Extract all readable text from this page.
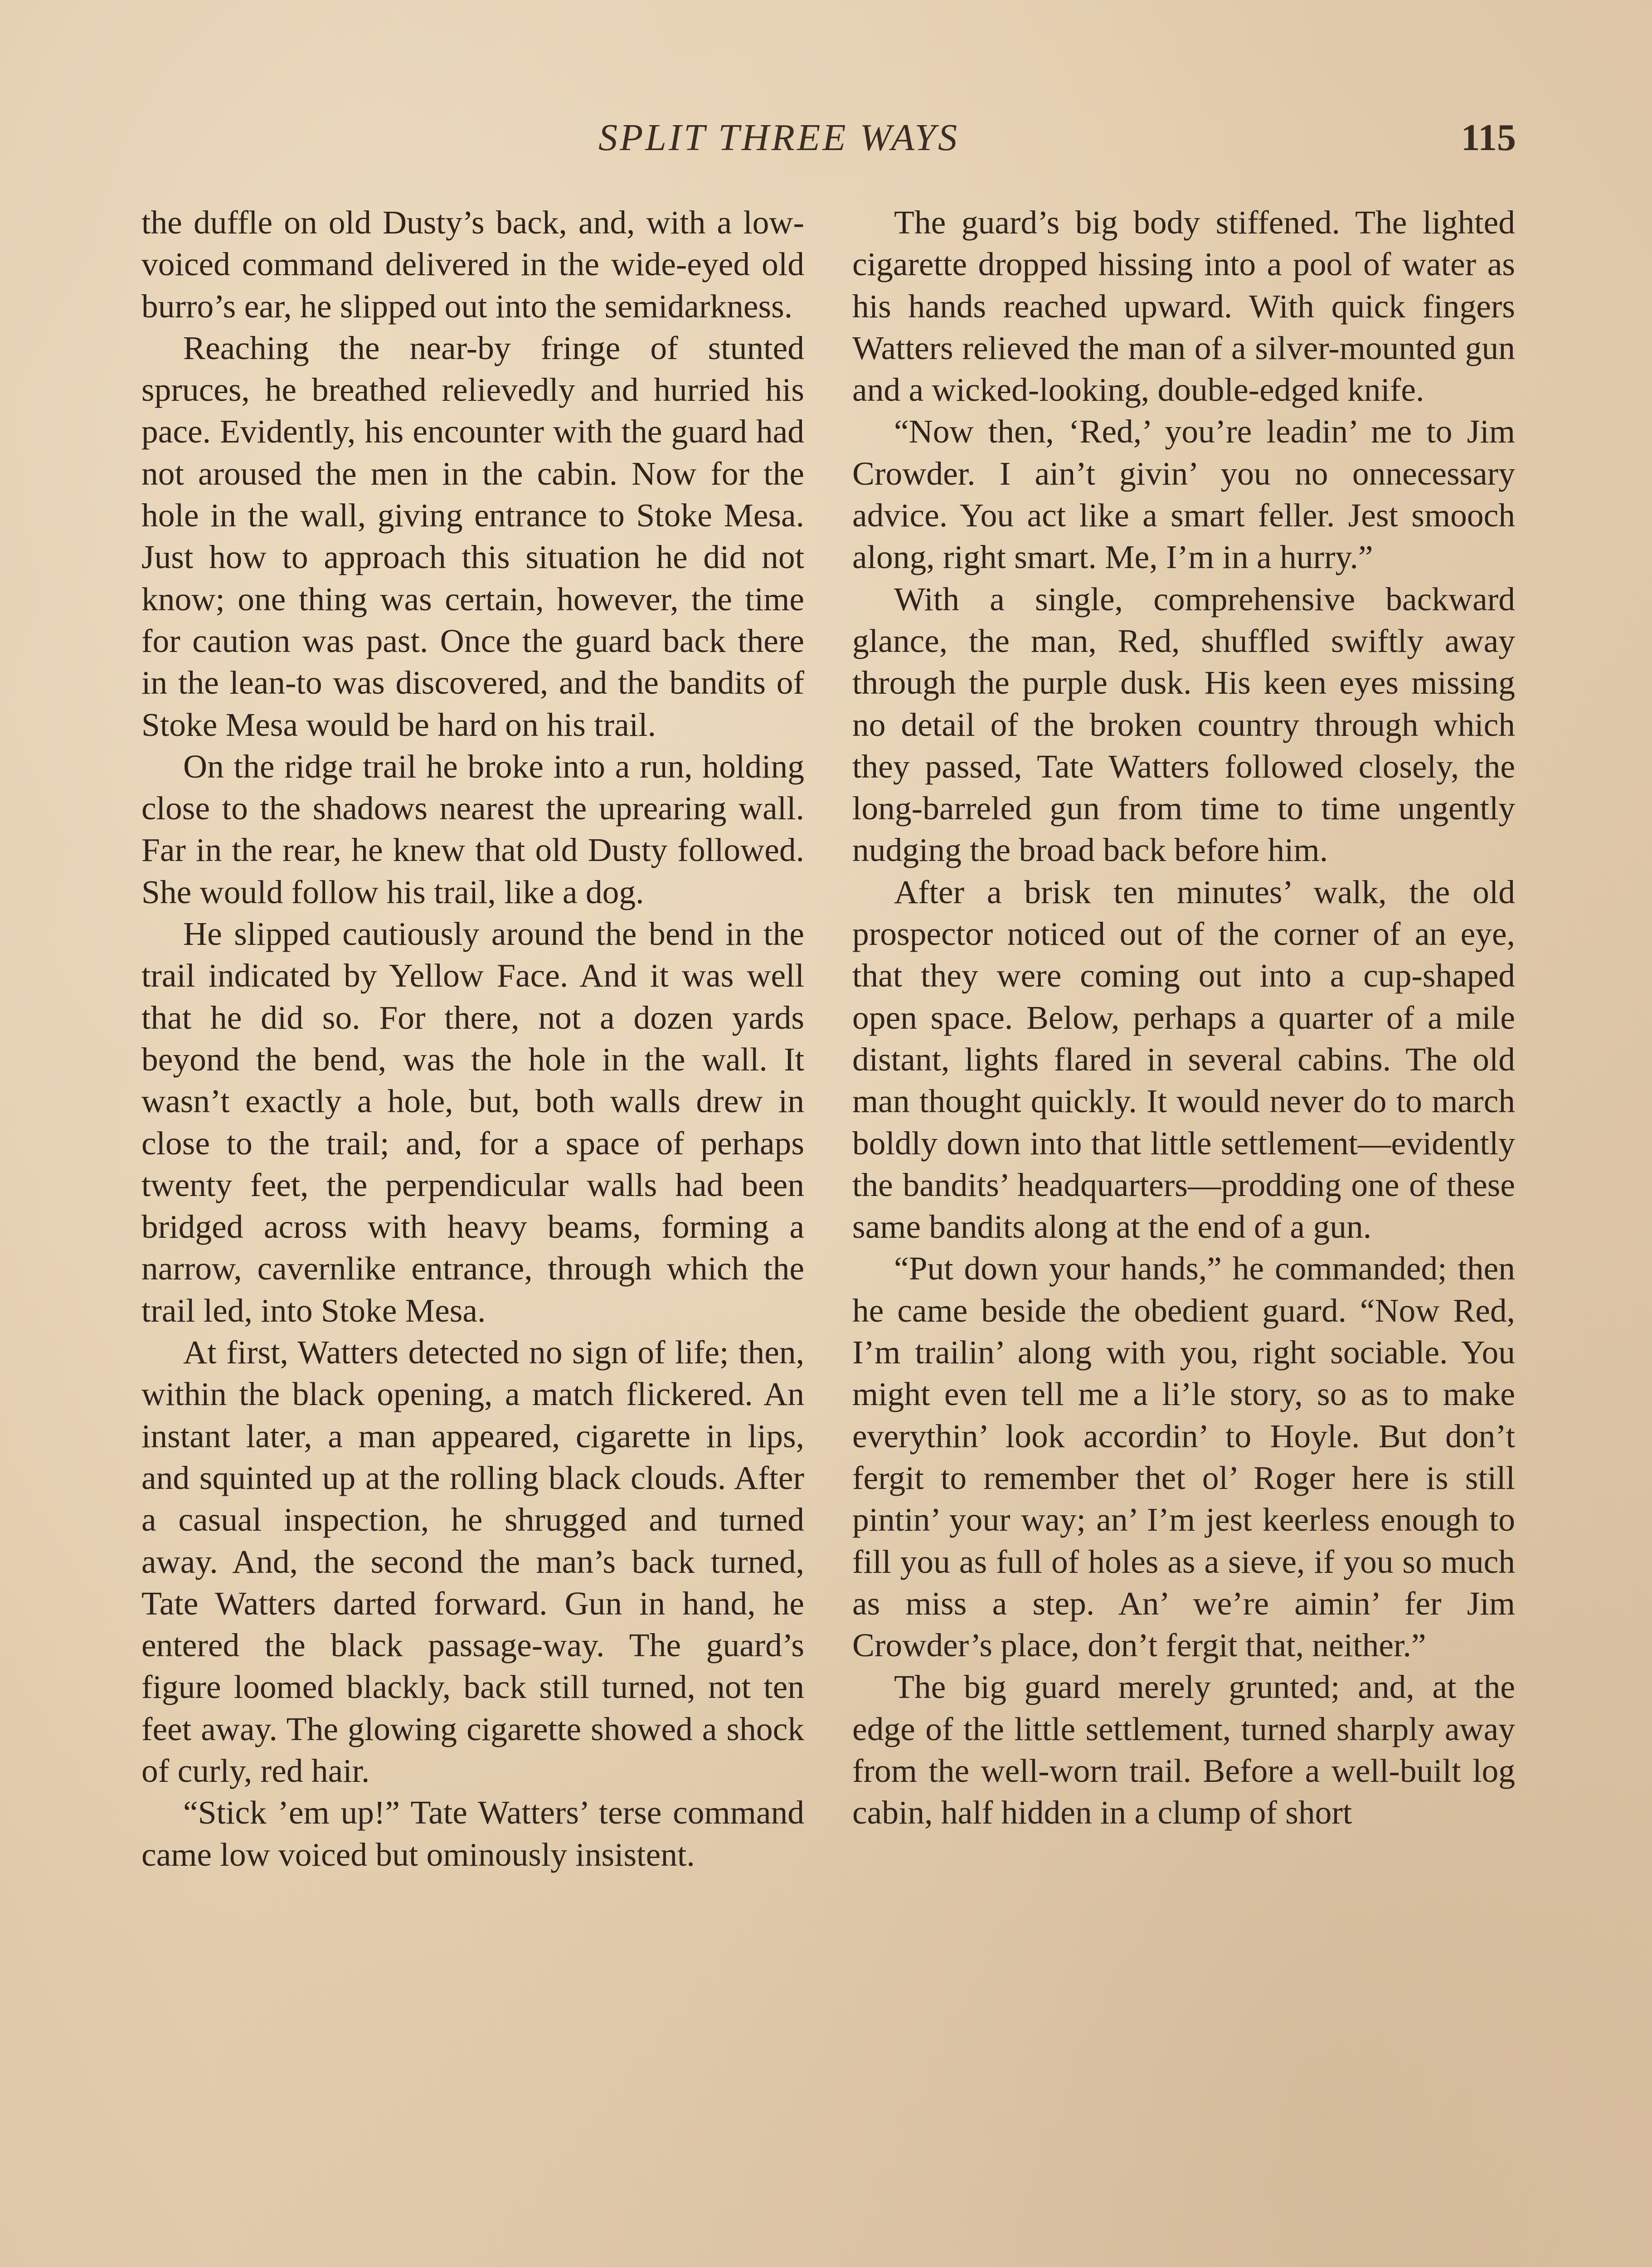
SPLIT THREE WAYS	115

the duffle on old Dusty’s back, and, with a low-voiced command delivered in the wide-eyed old burro’s ear, he slipped out into the semidarkness.

Reaching the near-by fringe of stunted spruces, he breathed relievedly and hurried his pace. Evidently, his encounter with the guard had not aroused the men in the cabin. Now for the hole in the wall, giving entrance to Stoke Mesa. Just how to approach this situation he did not know; one thing was certain, however, the time for caution was past. Once the guard back there in the lean-to was discovered, and the bandits of Stoke Mesa would be hard on his trail.

On the ridge trail he broke into a run, holding close to the shadows nearest the uprearing wall. Far in the rear, he knew that old Dusty followed. She would follow his trail, like a dog.

He slipped cautiously around the bend in the trail indicated by Yellow Face. And it was well that he did so. For there, not a dozen yards beyond the bend, was the hole in the wall. It wasn’t exactly a hole, but, both walls drew in close to the trail; and, for a space of perhaps twenty feet, the perpendicular walls had been bridged across with heavy beams, forming a narrow, cavernlike entrance, through which the trail led, into Stoke Mesa.

At first, Watters detected no sign of life; then, within the black opening, a match flickered. An instant later, a man appeared, cigarette in lips, and squinted up at the rolling black clouds. After a casual inspection, he shrugged and turned away. And, the second the man’s back turned, Tate Watters darted forward. Gun in hand, he entered the black passage-way. The guard’s figure loomed blackly, back still turned, not ten feet away. The glowing cigarette showed a shock of curly, red hair.

“Stick ’em up!” Tate Watters’ terse command came low voiced but ominously insistent.

The guard’s big body stiffened. The lighted cigarette dropped hissing into a pool of water as his hands reached upward. With quick fingers Watters relieved the man of a silver-mounted gun and a wicked-looking, double-edged knife.

“Now then, ‘Red,’ you’re leadin’ me to Jim Crowder. I ain’t givin’ you no onnecessary advice. You act like a smart feller. Jest smooch along, right smart. Me, I’m in a hurry.”

With a single, comprehensive backward glance, the man, Red, shuffled swiftly away through the purple dusk. His keen eyes missing no detail of the broken country through which they passed, Tate Watters followed closely, the long-barreled gun from time to time ungently nudging the broad back before him.

After a brisk ten minutes’ walk, the old prospector noticed out of the corner of an eye, that they were coming out into a cup-shaped open space. Below, perhaps a quarter of a mile distant, lights flared in several cabins. The old man thought quickly. It would never do to march boldly down into that little settlement—evidently the bandits’ headquarters—prodding one of these same bandits along at the end of a gun.

“Put down your hands,” he commanded; then he came beside the obedient guard. “Now Red, I’m trailin’ along with you, right sociable. You might even tell me a li’le story, so as to make everythin’ look accordin’ to Hoyle. But don’t fergit to remember thet ol’ Roger here is still pintin’ your way; an’ I’m jest keerless enough to fill you as full of holes as a sieve, if you so much as miss a step. An’ we’re aimin’ fer Jim Crowder’s place, don’t fergit that, neither.”

The big guard merely grunted; and, at the edge of the little settlement, turned sharply away from the well-worn trail. Before a well-built log cabin, half hidden in a clump of short
